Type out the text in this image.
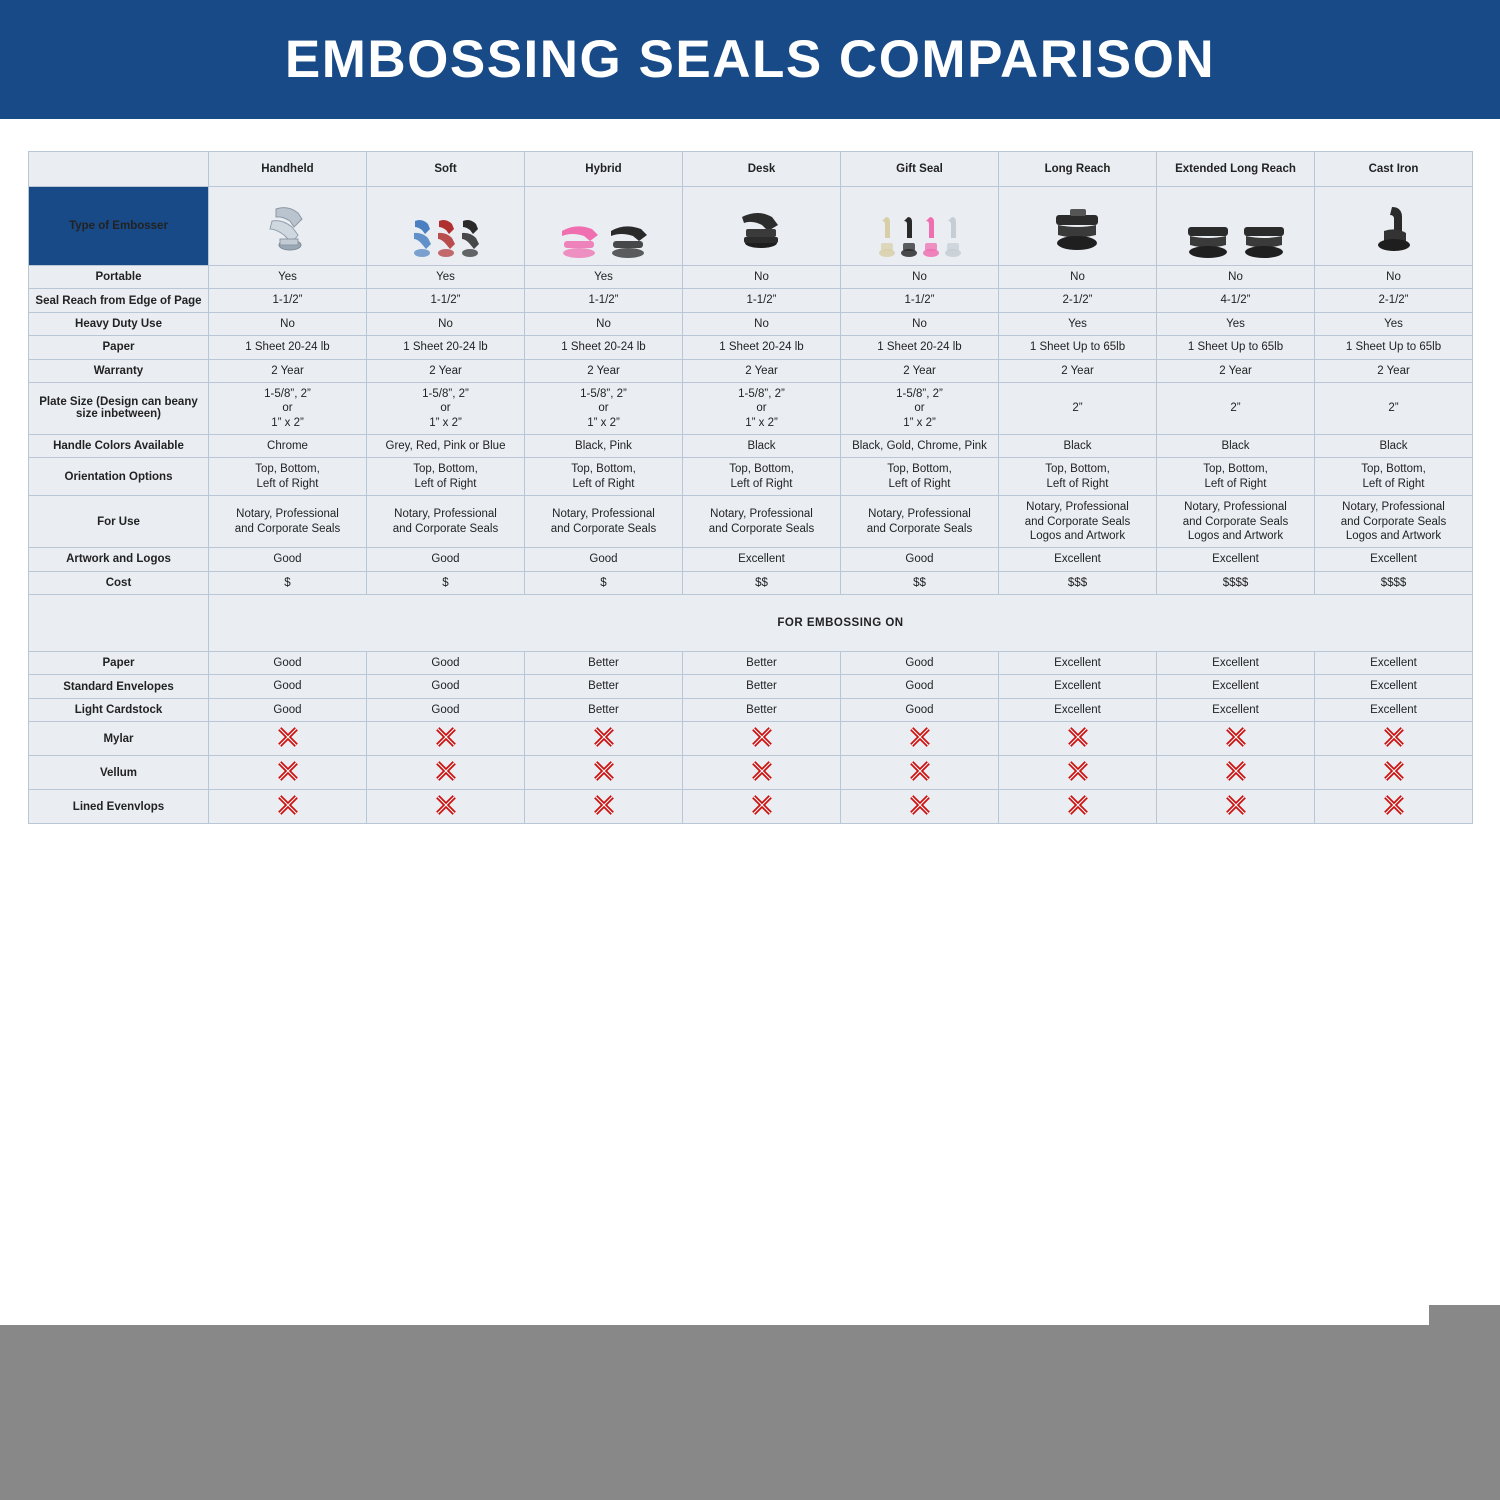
EMBOSSING SEALS COMPARISON
	Handheld	Soft	Hybrid	Desk	Gift Seal	Long Reach	Extended Long Reach	Cast Iron
Type of Embosser	

Portable	Yes	Yes	Yes	No	No	No	No	No
Seal Reach from Edge of Page	1-1/2”	1-1/2”	1-1/2”	1-1/2”	1-1/2”	2-1/2”	4-1/2”	2-1/2”
Heavy Duty Use	No	No	No	No	No	Yes	Yes	Yes
Paper	1 Sheet 20-24 lb	1 Sheet 20-24 lb	1 Sheet 20-24 lb	1 Sheet 20-24 lb	1 Sheet 20-24 lb	1 Sheet Up to 65lb	1 Sheet Up to 65lb	1 Sheet Up to 65lb
Warranty	2 Year	2 Year	2 Year	2 Year	2 Year	2 Year	2 Year	2 Year
Plate Size (Design can beany size inbetween)	1-5/8”, 2”
or
1” x 2”	1-5/8”, 2”
or
1” x 2”	1-5/8”, 2”
or
1” x 2”	1-5/8”, 2”
or
1” x 2”	1-5/8”, 2”
or
1” x 2”	2”	2”	2”
Handle Colors Available	Chrome	Grey, Red, Pink or Blue	Black, Pink	Black	Black, Gold, Chrome, Pink	Black	Black	Black
Orientation Options	Top, Bottom,
Left of Right	Top, Bottom,
Left of Right	Top, Bottom,
Left of Right	Top, Bottom,
Left of Right	Top, Bottom,
Left of Right	Top, Bottom,
Left of Right	Top, Bottom,
Left of Right	Top, Bottom,
Left of Right
For Use	Notary, Professional
and Corporate Seals	Notary, Professional
and Corporate Seals	Notary, Professional
and Corporate Seals	Notary, Professional
and Corporate Seals	Notary, Professional
and Corporate Seals	Notary, Professional
and Corporate Seals
Logos and Artwork	Notary, Professional
and Corporate Seals
Logos and Artwork	Notary, Professional
and Corporate Seals
Logos and Artwork
Artwork and Logos	Good	Good	Good	Excellent	Good	Excellent	Excellent	Excellent
Cost	$	$	$	$$	$$	$$$	$$$$	$$$$
	FOR EMBOSSING ON							
Paper	Good	Good	Better	Better	Good	Excellent	Excellent	Excellent
Standard Envelopes	Good	Good	Better	Better	Good	Excellent	Excellent	Excellent
Light Cardstock	Good	Good	Better	Better	Good	Excellent	Excellent	Excellent
Mylar	

Vellum	

Lined Evenvlops	
